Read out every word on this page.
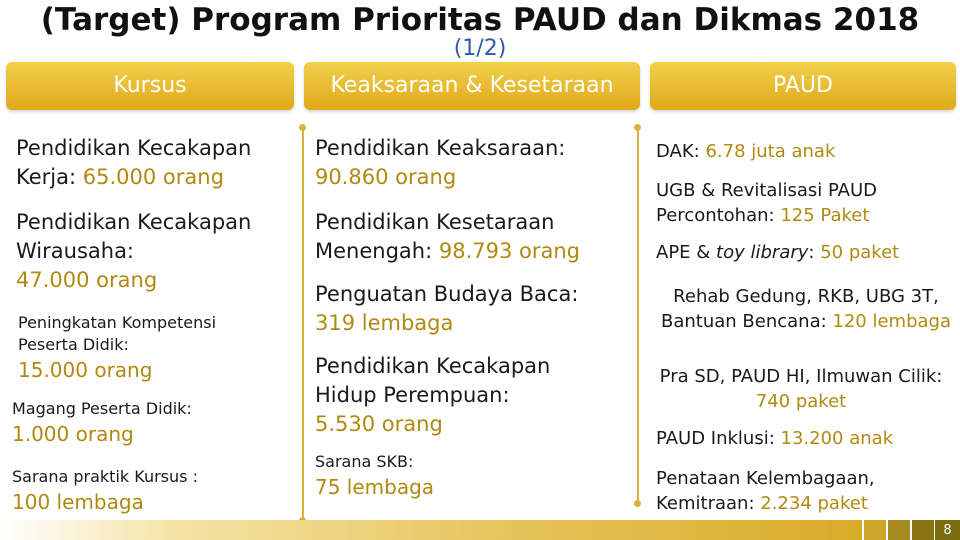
(Target) Program Prioritas PAUD dan Dikmas 2018
(1/2)
Kursus	Keaksaraan & Kesetaraan	PAUD
Pendidikan Kecakapan Kerja: 65.000 orang
Pendidikan Kecakapan Wirausaha:
47.000 orang
Peningkatan Kompetensi Peserta Didik:
15.000 orang
Magang Peserta Didik:
1.000 orang
Sarana praktik Kursus :
100 lembaga
Pendidikan Keaksaraan:
90.860 orang
Pendidikan Kesetaraan Menengah: 98.793 orang
Penguatan Budaya Baca:
319 lembaga
Pendidikan Kecakapan Hidup Perempuan:
5.530 orang
Sarana SKB:
75 lembaga
DAK: 6.78 juta anak
UGB & Revitalisasi PAUD Percontohan: 125 Paket
APE & toy library: 50 paket
Rehab Gedung, RKB, UBG 3T, Bantuan Bencana: 120 lembaga
Pra SD, PAUD HI, Ilmuwan Cilik: 740 paket
PAUD Inklusi: 13.200 anak
Penataan Kelembagaan, Kemitraan: 2.234 paket
8
